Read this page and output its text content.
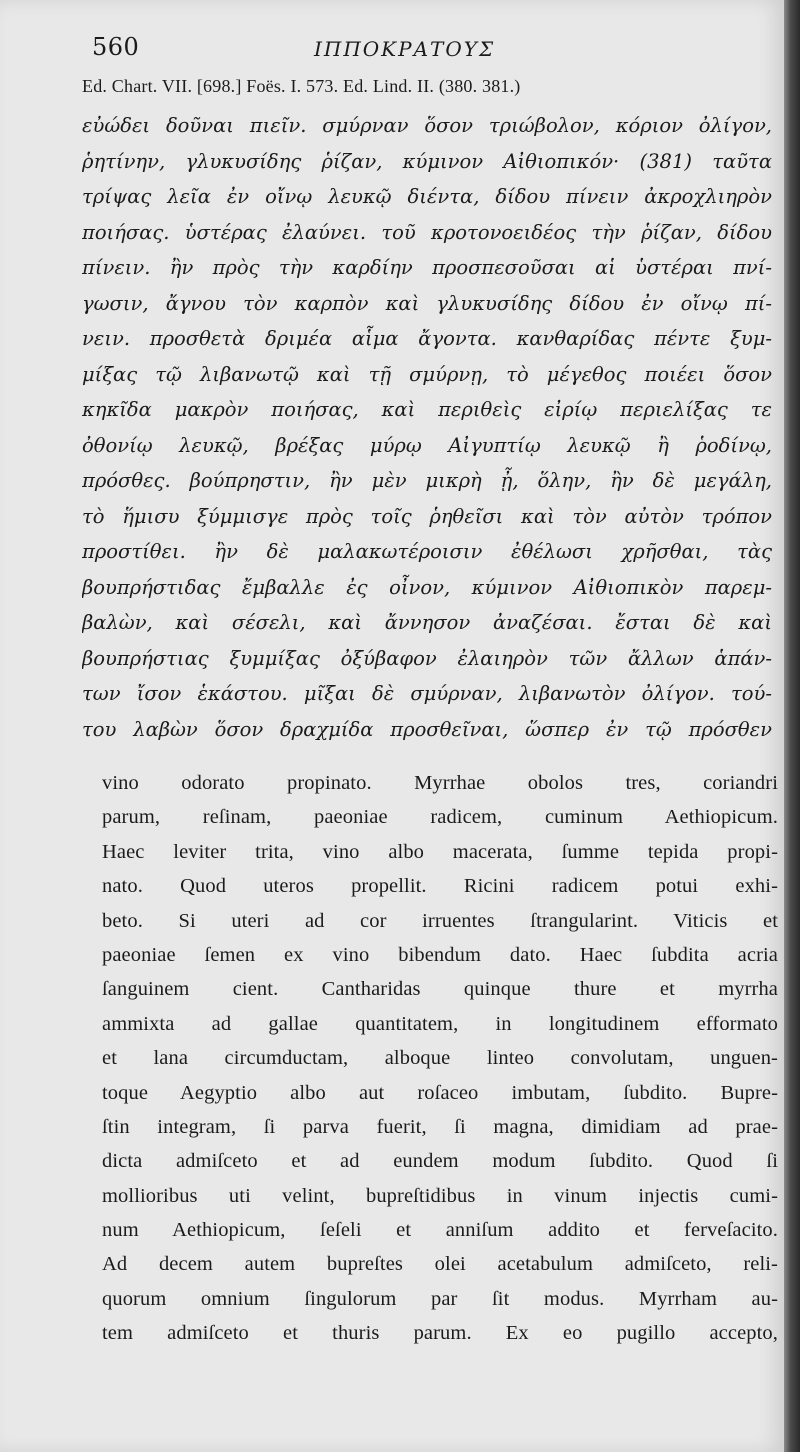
560	ΙΠΠΟΚΡΑΤΟΥΣ
Ed. Chart. VII. [698.] Foës. I. 573. Ed. Lind. II. (380. 381.)
εὐώδει δοῦναι πιεῖν. σμύρναν ὅσον τριώβολον, κόριον ὀλίγον,
ῥητίνην, γλυκυσίδης ῥίζαν, κύμινον Αἰθιοπικόν· (381) ταῦτα
τρίψας λεῖα ἐν οἴνῳ λευκῷ διέντα, δίδου πίνειν ἀκροχλιηρὸν
ποιήσας. ὑστέρας ἐλαύνει. τοῦ κροτονοειδέος τὴν ῥίζαν, δίδου
πίνειν. ἢν πρὸς τὴν καρδίην προσπεσοῦσαι αἱ ὑστέραι πνί-
γωσιν, ἄγνου τὸν καρπὸν καὶ γλυκυσίδης δίδου ἐν οἴνῳ πί-
νειν. προσθετὰ δριμέα αἷμα ἄγοντα. κανθαρίδας πέντε ξυμ-
μίξας τῷ λιβανωτῷ καὶ τῇ σμύρνῃ, τὸ μέγεθος ποιέει ὅσον
κηκῖδα μακρὸν ποιήσας, καὶ περιθεὶς εἰρίῳ περιελίξας τε
ὀθονίῳ λευκῷ, βρέξας μύρῳ Αἰγυπτίῳ λευκῷ ἢ ῥοδίνῳ,
πρόσθες. βούπρηστιν, ἢν μὲν μικρὴ ᾖ, ὅλην, ἢν δὲ μεγάλη,
τὸ ἥμισυ ξύμμισγε πρὸς τοῖς ῥηθεῖσι καὶ τὸν αὐτὸν τρόπον
προστίθει. ἢν δὲ μαλακωτέροισιν ἐθέλωσι χρῆσθαι, τὰς
βουπρήστιδας ἔμβαλλε ἐς οἶνον, κύμινον Αἰθιοπικὸν παρεμ-
βαλὼν, καὶ σέσελι, καὶ ἄννησον ἀναζέσαι. ἔσται δὲ καὶ
βουπρήστιας ξυμμίξας ὀξύβαφον ἐλαιηρὸν τῶν ἄλλων ἁπάν-
των ἴσον ἑκάστου. μῖξαι δὲ σμύρναν, λιβανωτὸν ὀλίγον. τού-
του λαβὼν ὅσον δραχμίδα προσθεῖναι, ὥσπερ ἐν τῷ πρόσθεν
vino odorato propinato. Myrrhae obolos tres, coriandri
parum, reſinam, paeoniae radicem, cuminum Aethiopicum.
Haec leviter trita, vino albo macerata, ſumme tepida propi-
nato. Quod uteros propellit. Ricini radicem potui exhi-
beto. Si uteri ad cor irruentes ſtrangularint. Viticis et
paeoniae ſemen ex vino bibendum dato. Haec ſubdita acria
ſanguinem cient. Cantharidas quinque thure et myrrha
ammixta ad gallae quantitatem, in longitudinem efformato
et lana circumductam, alboque linteo convolutam, unguen-
toque Aegyptio albo aut roſaceo imbutam, ſubdito. Bupre-
ſtin integram, ſi parva fuerit, ſi magna, dimidiam ad prae-
dicta admiſceto et ad eundem modum ſubdito. Quod ſi
mollioribus uti velint, bupreſtidibus in vinum injectis cumi-
num Aethiopicum, ſeſeli et anniſum addito et ferveſacito.
Ad decem autem bupreſtes olei acetabulum admiſceto, reli-
quorum omnium ſingulorum par ſit modus. Myrrham au-
tem admiſceto et thuris parum. Ex eo pugillo accepto,
